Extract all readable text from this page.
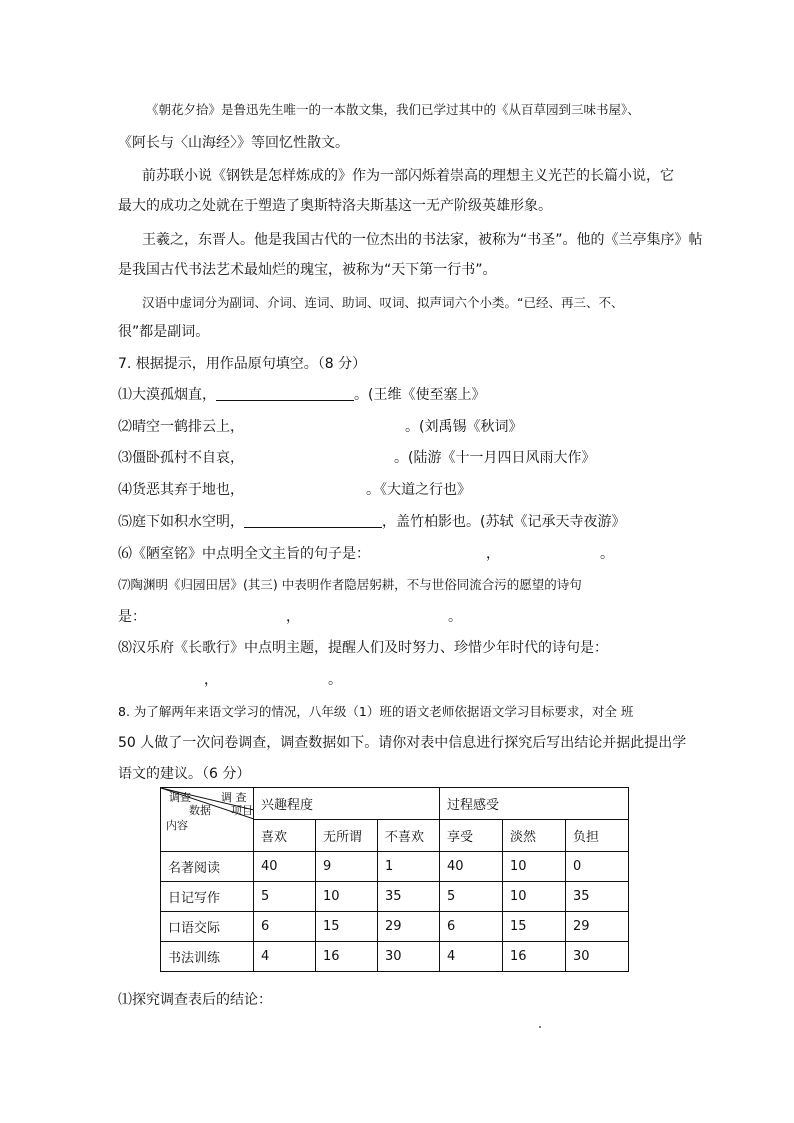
《朝花夕拾》是鲁迅先生唯一的一本散文集，我们已学过其中的《从百草园到三味书屋》、
《阿长与〈山海经〉》等回忆性散文。
前苏联小说《钢铁是怎样炼成的》作为一部闪烁着崇高的理想主义光芒的长篇小说，它
最大的成功之处就在于塑造了奥斯特洛夫斯基这一无产阶级英雄形象。
王羲之，东晋人。他是我国古代的一位杰出的书法家，被称为“书圣”。他的《兰亭集序》帖
是我国古代书法艺术最灿烂的瑰宝，被称为“天下第一行书”。
汉语中虚词分为副词、介词、连词、助词、叹词、拟声词六个小类。“已经、再三、不、
很”都是副词。
7. 根据提示，用作品原句填空。（8 分）
⑴大漠孤烟直，	。(王维《使至塞上》
⑵晴空一鹤排云上，	。(刘禹锡《秋词》
⑶僵卧孤村不自哀，	。(陆游《十一月四日风雨大作》
⑷货恶其弃于地也，	。《大道之行也》
⑸庭下如积水空明，	，盖竹柏影也。(苏轼《记承天寺夜游》
⑹《陋室铭》中点明全文主旨的句子是：	，	。
⑺陶渊明《归园田居》(其三) 中表明作者隐居躬耕，不与世俗同流合污的愿望的诗句
是：	，	。
⑻汉乐府《长歌行》中点明主题，提醒人们及时努力、珍惜少年时代的诗句是：
，	。
8. 为了解两年来语文学习的情况，八年级（1）班的语文老师依据语文学习目标要求，对全 班
50 人做了一次问卷调查，调查数据如下。请你对表中信息进行探究后写出结论并据此提出学
语文的建议。（6 分）
调查 调 查
数据 项目
内容	兴趣程度			过程感受		
	喜欢	无所谓	不喜欢	享受	淡然	负担
名著阅读	40	9	1	40	10	0
日记写作	5	10	35	5	10	35
口语交际	6	15	29	6	15	29
书法训练	4	16	30	4	16	30
⑴探究调查表后的结论：
